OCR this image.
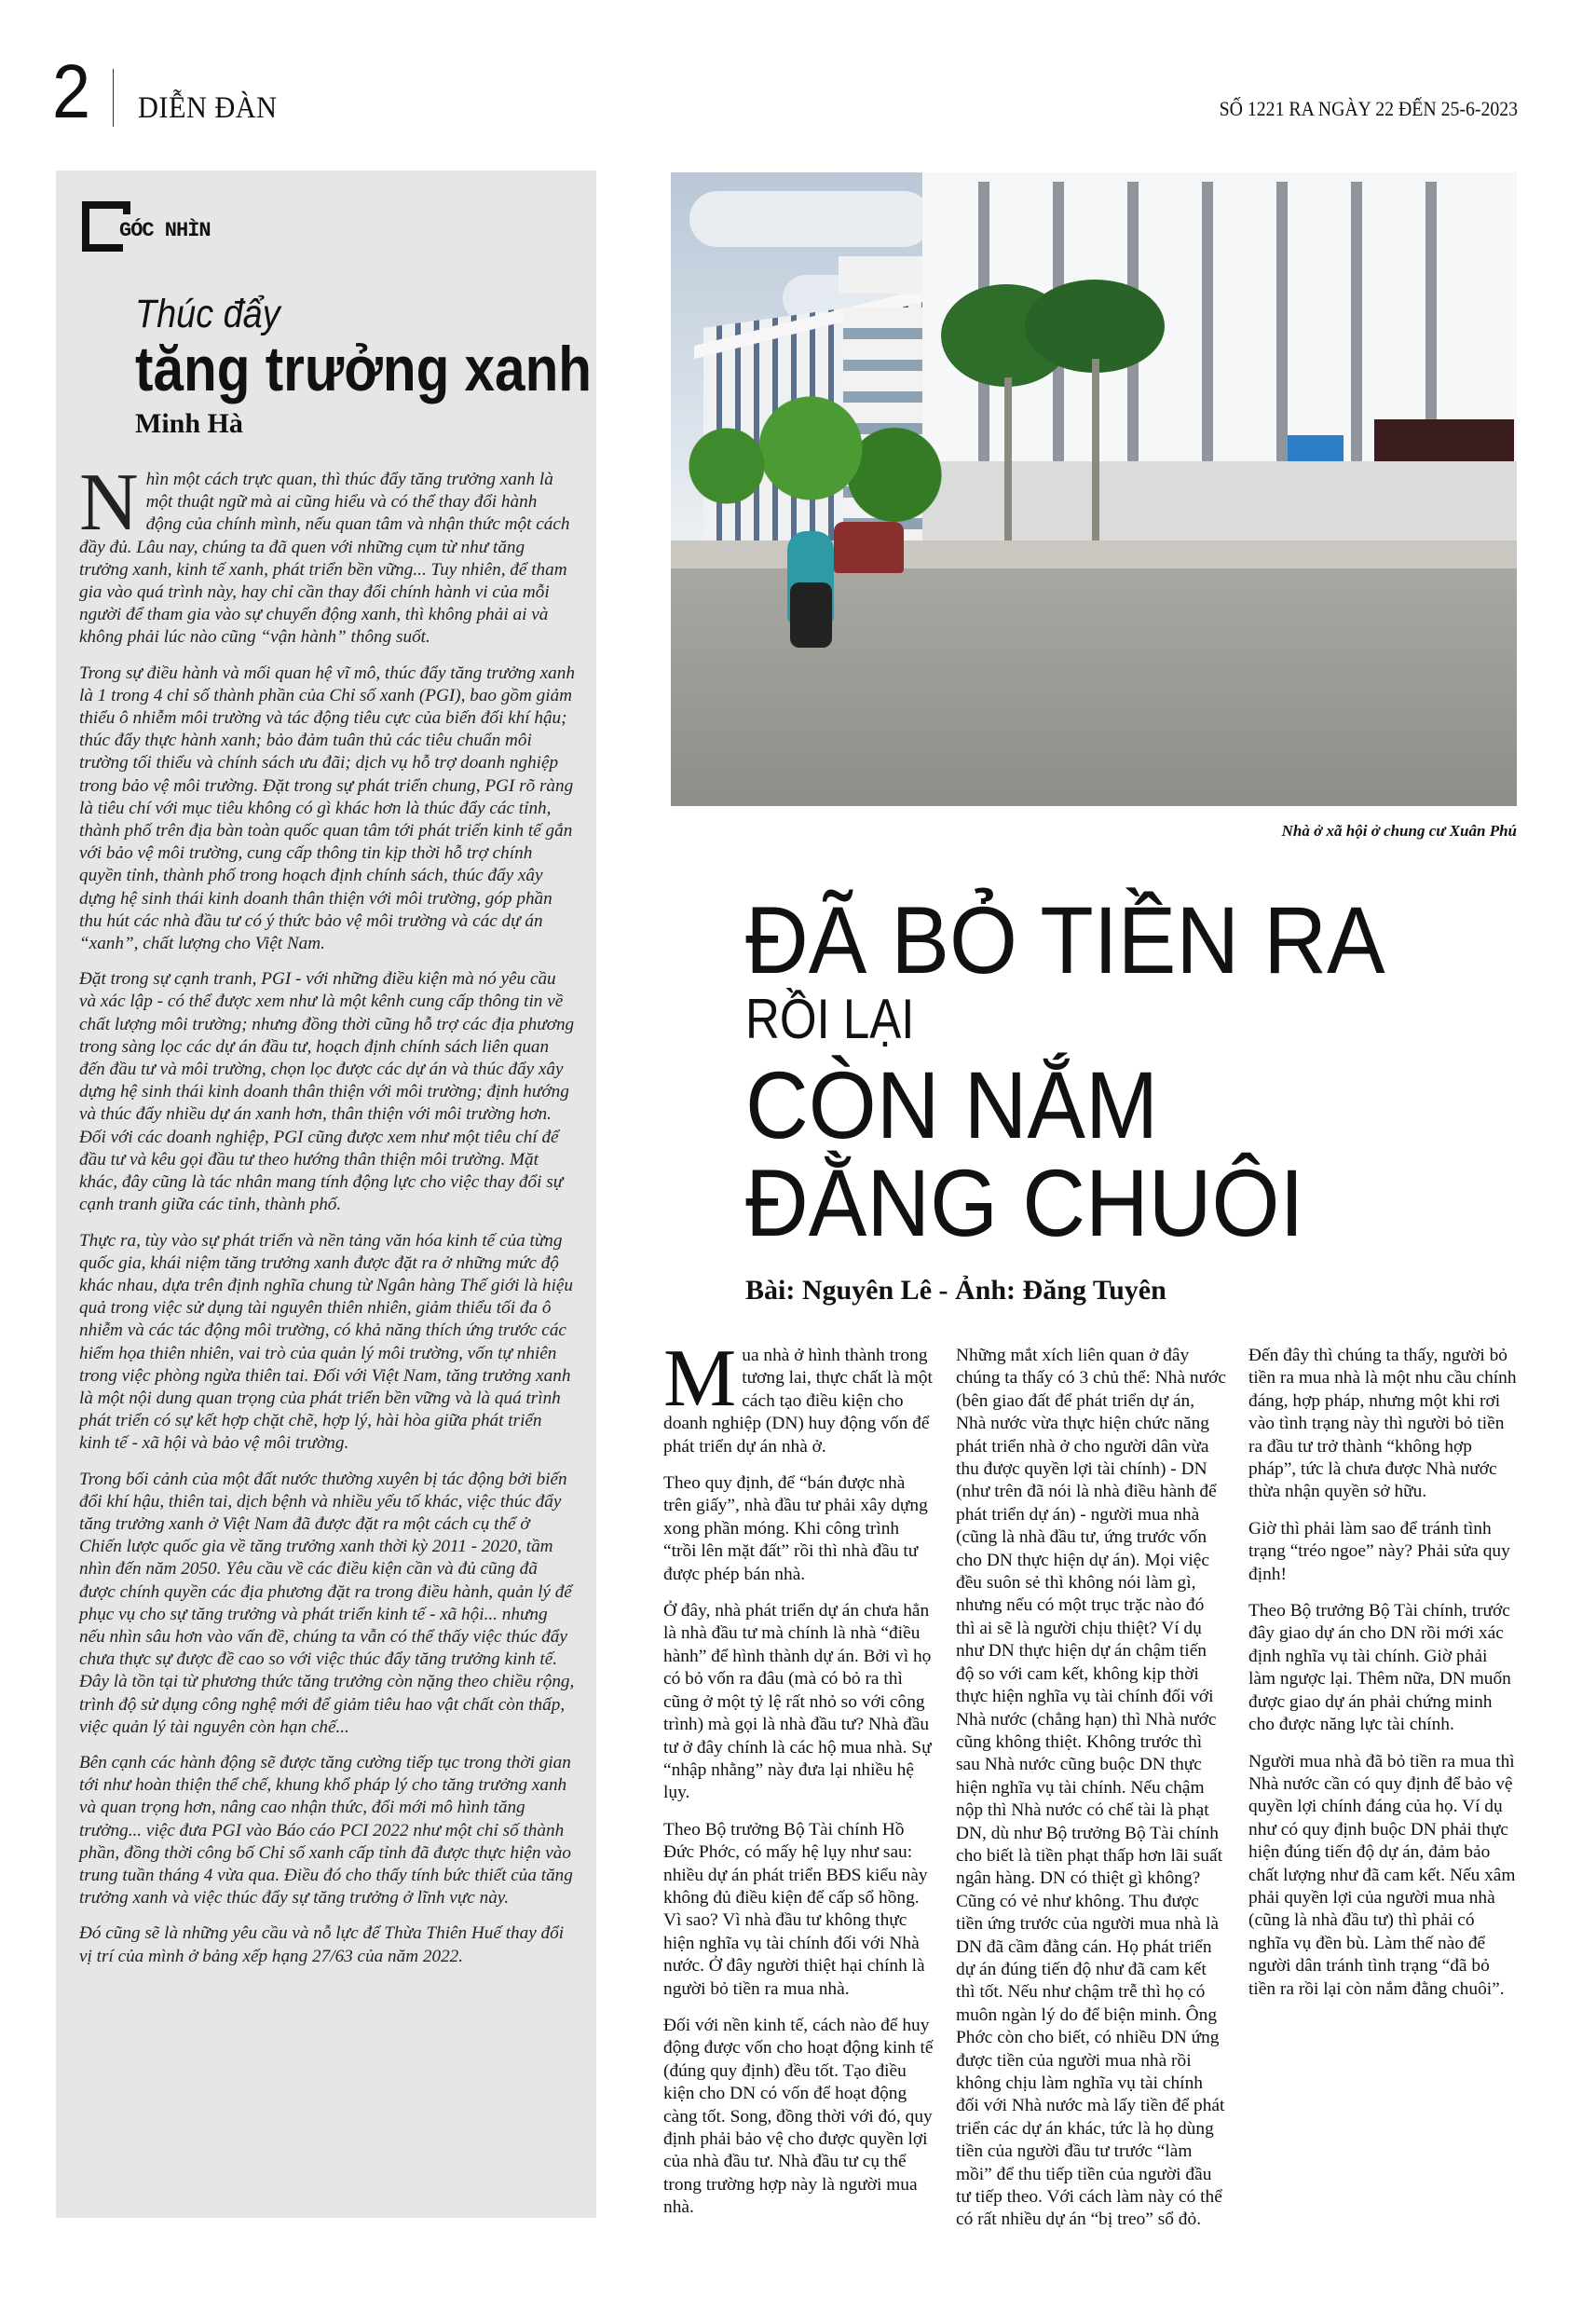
2 DIỄN ĐÀN	SỐ 1221 RA NGÀY 22 ĐẾN 25-6-2023
GÓC NHÌN
Thúc đẩy
tăng trưởng xanh
Minh Hà

Nhìn một cách trực quan, thì thúc đẩy tăng trưởng xanh là một thuật ngữ mà ai cũng hiểu và có thể thay đổi hành động của chính mình, nếu quan tâm và nhận thức một cách đầy đủ. Lâu nay, chúng ta đã quen với những cụm từ như tăng trưởng xanh, kinh tế xanh, phát triển bền vững... Tuy nhiên, để tham gia vào quá trình này, hay chỉ cần thay đổi chính hành vi của mỗi người để tham gia vào sự chuyển động xanh, thì không phải ai và không phải lúc nào cũng “vận hành” thông suốt.

Trong sự điều hành và mối quan hệ vĩ mô, thúc đẩy tăng trưởng xanh là 1 trong 4 chỉ số thành phần của Chỉ số xanh (PGI), bao gồm giảm thiểu ô nhiễm môi trường và tác động tiêu cực của biến đổi khí hậu; thúc đẩy thực hành xanh; bảo đảm tuân thủ các tiêu chuẩn môi trường tối thiểu và chính sách ưu đãi; dịch vụ hỗ trợ doanh nghiệp trong bảo vệ môi trường. Đặt trong sự phát triển chung, PGI rõ ràng là tiêu chí với mục tiêu không có gì khác hơn là thúc đẩy các tỉnh, thành phố trên địa bàn toàn quốc quan tâm tới phát triển kinh tế gắn với bảo vệ môi trường, cung cấp thông tin kịp thời hỗ trợ chính quyền tỉnh, thành phố trong hoạch định chính sách, thúc đẩy xây dựng hệ sinh thái kinh doanh thân thiện với môi trường, góp phần thu hút các nhà đầu tư có ý thức bảo vệ môi trường và các dự án “xanh”, chất lượng cho Việt Nam.

Đặt trong sự cạnh tranh, PGI - với những điều kiện mà nó yêu cầu và xác lập - có thể được xem như là một kênh cung cấp thông tin về chất lượng môi trường; nhưng đồng thời cũng hỗ trợ các địa phương trong sàng lọc các dự án đầu tư, hoạch định chính sách liên quan đến đầu tư và môi trường, chọn lọc được các dự án và thúc đẩy xây dựng hệ sinh thái kinh doanh thân thiện với môi trường; định hướng và thúc đẩy nhiều dự án xanh hơn, thân thiện với môi trường hơn. Đối với các doanh nghiệp, PGI cũng được xem như một tiêu chí để đầu tư và kêu gọi đầu tư theo hướng thân thiện môi trường. Mặt khác, đây cũng là tác nhân mang tính động lực cho việc thay đổi sự cạnh tranh giữa các tỉnh, thành phố.

Thực ra, tùy vào sự phát triển và nền tảng văn hóa kinh tế của từng quốc gia, khái niệm tăng trưởng xanh được đặt ra ở những mức độ khác nhau, dựa trên định nghĩa chung từ Ngân hàng Thế giới là hiệu quả trong việc sử dụng tài nguyên thiên nhiên, giảm thiểu tối đa ô nhiễm và các tác động môi trường, có khả năng thích ứng trước các hiểm họa thiên nhiên, vai trò của quản lý môi trường, vốn tự nhiên trong việc phòng ngừa thiên tai. Đối với Việt Nam, tăng trưởng xanh là một nội dung quan trọng của phát triển bền vững và là quá trình phát triển có sự kết hợp chặt chẽ, hợp lý, hài hòa giữa phát triển kinh tế - xã hội và bảo vệ môi trường.

Trong bối cảnh của một đất nước thường xuyên bị tác động bởi biến đổi khí hậu, thiên tai, dịch bệnh và nhiều yếu tố khác, việc thúc đẩy tăng trưởng xanh ở Việt Nam đã được đặt ra một cách cụ thể ở Chiến lược quốc gia về tăng trưởng xanh thời kỳ 2011 - 2020, tầm nhìn đến năm 2050. Yêu cầu về các điều kiện cần và đủ cũng đã được chính quyền các địa phương đặt ra trong điều hành, quản lý để phục vụ cho sự tăng trưởng và phát triển kinh tế - xã hội... nhưng nếu nhìn sâu hơn vào vấn đề, chúng ta vẫn có thể thấy việc thúc đẩy chưa thực sự được đề cao so với việc thúc đẩy tăng trưởng kinh tế. Đây là tồn tại từ phương thức tăng trưởng còn nặng theo chiều rộng, trình độ sử dụng công nghệ mới để giảm tiêu hao vật chất còn thấp, việc quản lý tài nguyên còn hạn chế...

Bên cạnh các hành động sẽ được tăng cường tiếp tục trong thời gian tới như hoàn thiện thể chế, khung khổ pháp lý cho tăng trưởng xanh và quan trọng hơn, nâng cao nhận thức, đổi mới mô hình tăng trưởng... việc đưa PGI vào Báo cáo PCI 2022 như một chỉ số thành phần, đồng thời công bố Chỉ số xanh cấp tỉnh đã được thực hiện vào trung tuần tháng 4 vừa qua. Điều đó cho thấy tính bức thiết của tăng trưởng xanh và việc thúc đẩy sự tăng trưởng ở lĩnh vực này.

Đó cũng sẽ là những yêu cầu và nỗ lực để Thừa Thiên Huế thay đổi vị trí của mình ở bảng xếp hạng 27/63 của năm 2022.

Nhà ở xã hội ở chung cư Xuân Phú
ĐÃ BỎ TIỀN RA
RỒI LẠI
CÒN NẮM
ĐẰNG CHUÔI
Bài: Nguyên Lê - Ảnh: Đăng Tuyên

Mua nhà ở hình thành trong tương lai, thực chất là một cách tạo điều kiện cho doanh nghiệp (DN) huy động vốn để phát triển dự án nhà ở.

Theo quy định, để “bán được nhà trên giấy”, nhà đầu tư phải xây dựng xong phần móng. Khi công trình “trồi lên mặt đất” rồi thì nhà đầu tư được phép bán nhà.

Ở đây, nhà phát triển dự án chưa hẳn là nhà đầu tư mà chính là nhà “điều hành” để hình thành dự án. Bởi vì họ có bỏ vốn ra đâu (mà có bỏ ra thì cũng ở một tỷ lệ rất nhỏ so với công trình) mà gọi là nhà đầu tư? Nhà đầu tư ở đây chính là các hộ mua nhà. Sự “nhập nhằng” này đưa lại nhiều hệ lụy.

Theo Bộ trưởng Bộ Tài chính Hồ Đức Phớc, có mấy hệ lụy như sau: nhiều dự án phát triển BĐS kiểu này không đủ điều kiện để cấp sổ hồng. Vì sao? Vì nhà đầu tư không thực hiện nghĩa vụ tài chính đối với Nhà nước. Ở đây người thiệt hại chính là người bỏ tiền ra mua nhà.

Đối với nền kinh tế, cách nào để huy động được vốn cho hoạt động kinh tế (đúng quy định) đều tốt. Tạo điều kiện cho DN có vốn để hoạt động càng tốt. Song, đồng thời với đó, quy định phải bảo vệ cho được quyền lợi của nhà đầu tư. Nhà đầu tư cụ thể trong trường hợp này là người mua nhà.

Những mắt xích liên quan ở đây chúng ta thấy có 3 chủ thể: Nhà nước (bên giao đất để phát triển dự án, Nhà nước vừa thực hiện chức năng phát triển nhà ở cho người dân vừa thu được quyền lợi tài chính) - DN (như trên đã nói là nhà điều hành để phát triển dự án) - người mua nhà (cũng là nhà đầu tư, ứng trước vốn cho DN thực hiện dự án). Mọi việc đều suôn sẻ thì không nói làm gì, nhưng nếu có một trục trặc nào đó thì ai sẽ là người chịu thiệt? Ví dụ như DN thực hiện dự án chậm tiến độ so với cam kết, không kịp thời thực hiện nghĩa vụ tài chính đối với Nhà nước (chẳng hạn) thì Nhà nước cũng không thiệt. Không trước thì sau Nhà nước cũng buộc DN thực hiện nghĩa vụ tài chính. Nếu chậm nộp thì Nhà nước có chế tài là phạt DN, dù như Bộ trưởng Bộ Tài chính cho biết là tiền phạt thấp hơn lãi suất ngân hàng. DN có thiệt gì không? Cũng có vẻ như không. Thu được tiền ứng trước của người mua nhà là DN đã cầm đằng cán. Họ phát triển dự án đúng tiến độ như đã cam kết thì tốt. Nếu như chậm trễ thì họ có muôn ngàn lý do để biện minh. Ông Phớc còn cho biết, có nhiều DN ứng được tiền của người mua nhà rồi không chịu làm nghĩa vụ tài chính đối với Nhà nước mà lấy tiền để phát triển các dự án khác, tức là họ dùng tiền của người đầu tư trước “làm mồi” để thu tiếp tiền của người đầu tư tiếp theo. Với cách làm này có thể có rất nhiều dự án “bị treo” sổ đỏ. Đến đây thì chúng ta thấy, người bỏ tiền ra mua nhà là một nhu cầu chính đáng, hợp pháp, nhưng một khi rơi vào tình trạng này thì người bỏ tiền ra đầu tư trở thành “không hợp pháp”, tức là chưa được Nhà nước thừa nhận quyền sở hữu.

Giờ thì phải làm sao để tránh tình trạng “tréo ngoe” này? Phải sửa quy định!

Theo Bộ trưởng Bộ Tài chính, trước đây giao dự án cho DN rồi mới xác định nghĩa vụ tài chính. Giờ phải làm ngược lại. Thêm nữa, DN muốn được giao dự án phải chứng minh cho được năng lực tài chính.

Người mua nhà đã bỏ tiền ra mua thì Nhà nước cần có quy định để bảo vệ quyền lợi chính đáng của họ. Ví dụ như có quy định buộc DN phải thực hiện đúng tiến độ dự án, đảm bảo chất lượng như đã cam kết. Nếu xâm phải quyền lợi của người mua nhà (cũng là nhà đầu tư) thì phải có nghĩa vụ đền bù. Làm thế nào để người dân tránh tình trạng “đã bỏ tiền ra rồi lại còn nắm đằng chuôi”.
